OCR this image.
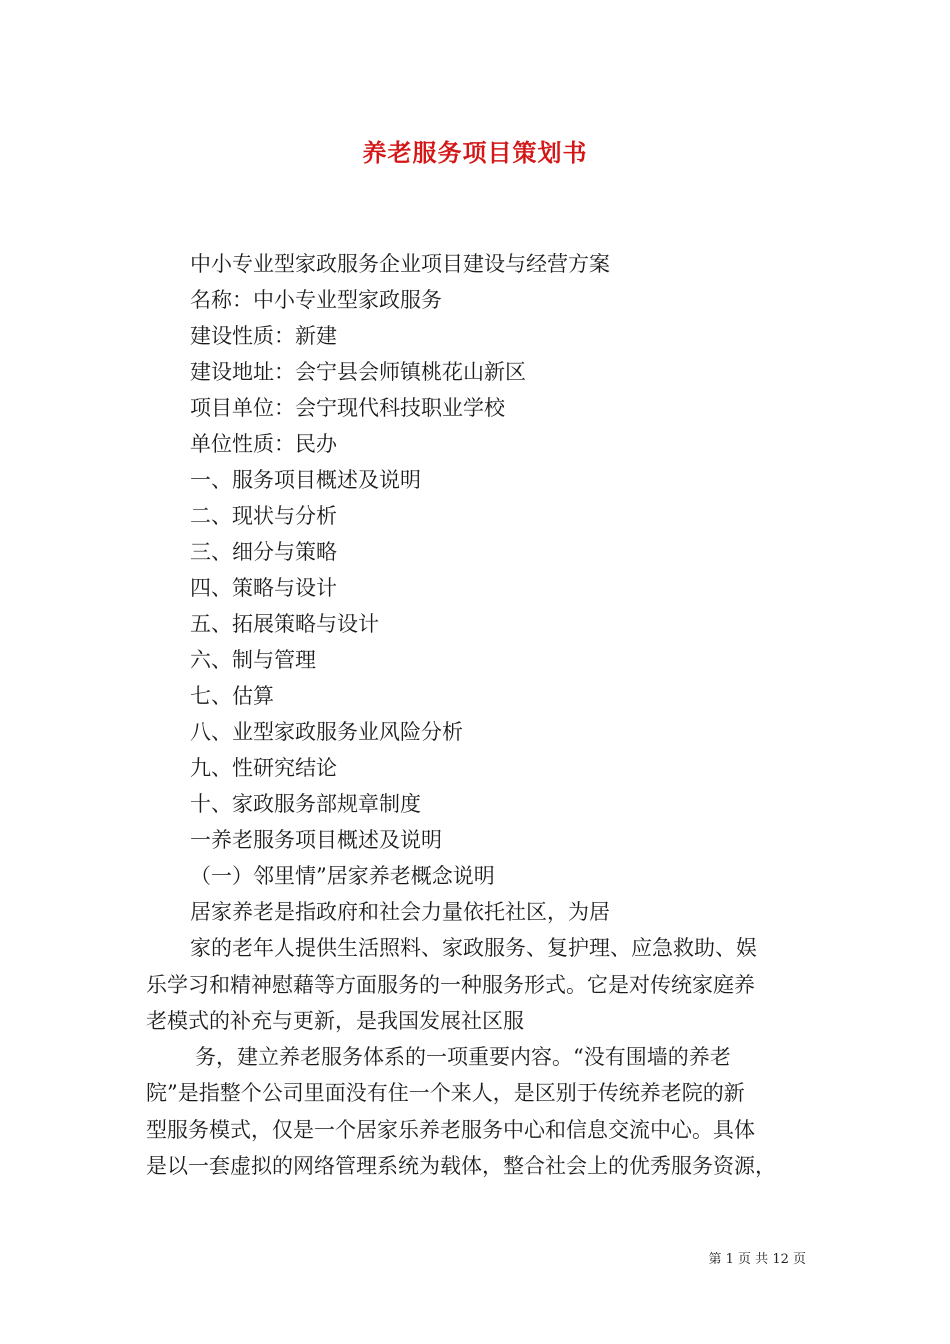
养老服务项目策划书
中小专业型家政服务企业项目建设与经营方案
名称：中小专业型家政服务
建设性质：新建
建设地址：会宁县会师镇桃花山新区
项目单位：会宁现代科技职业学校
单位性质：民办
一、服务项目概述及说明
二、现状与分析
三、细分与策略
四、策略与设计
五、拓展策略与设计
六、制与管理
七、估算
八、业型家政服务业风险分析
九、性研究结论
十、家政服务部规章制度
一养老服务项目概述及说明
（一）邻里情”居家养老概念说明
居家养老是指政府和社会力量依托社区，为居
家的老年人提供生活照料、家政服务、复护理、应急救助、娱
乐学习和精神慰藉等方面服务的一种服务形式。它是对传统家庭养
老模式的补充与更新，是我国发展社区服
务，建立养老服务体系的一项重要内容。“没有围墙的养老
院”是指整个公司里面没有住一个来人，是区别于传统养老院的新
型服务模式，仅是一个居家乐养老服务中心和信息交流中心。具体
是以一套虚拟的网络管理系统为载体，整合社会上的优秀服务资源，
第 1 页 共 12 页
